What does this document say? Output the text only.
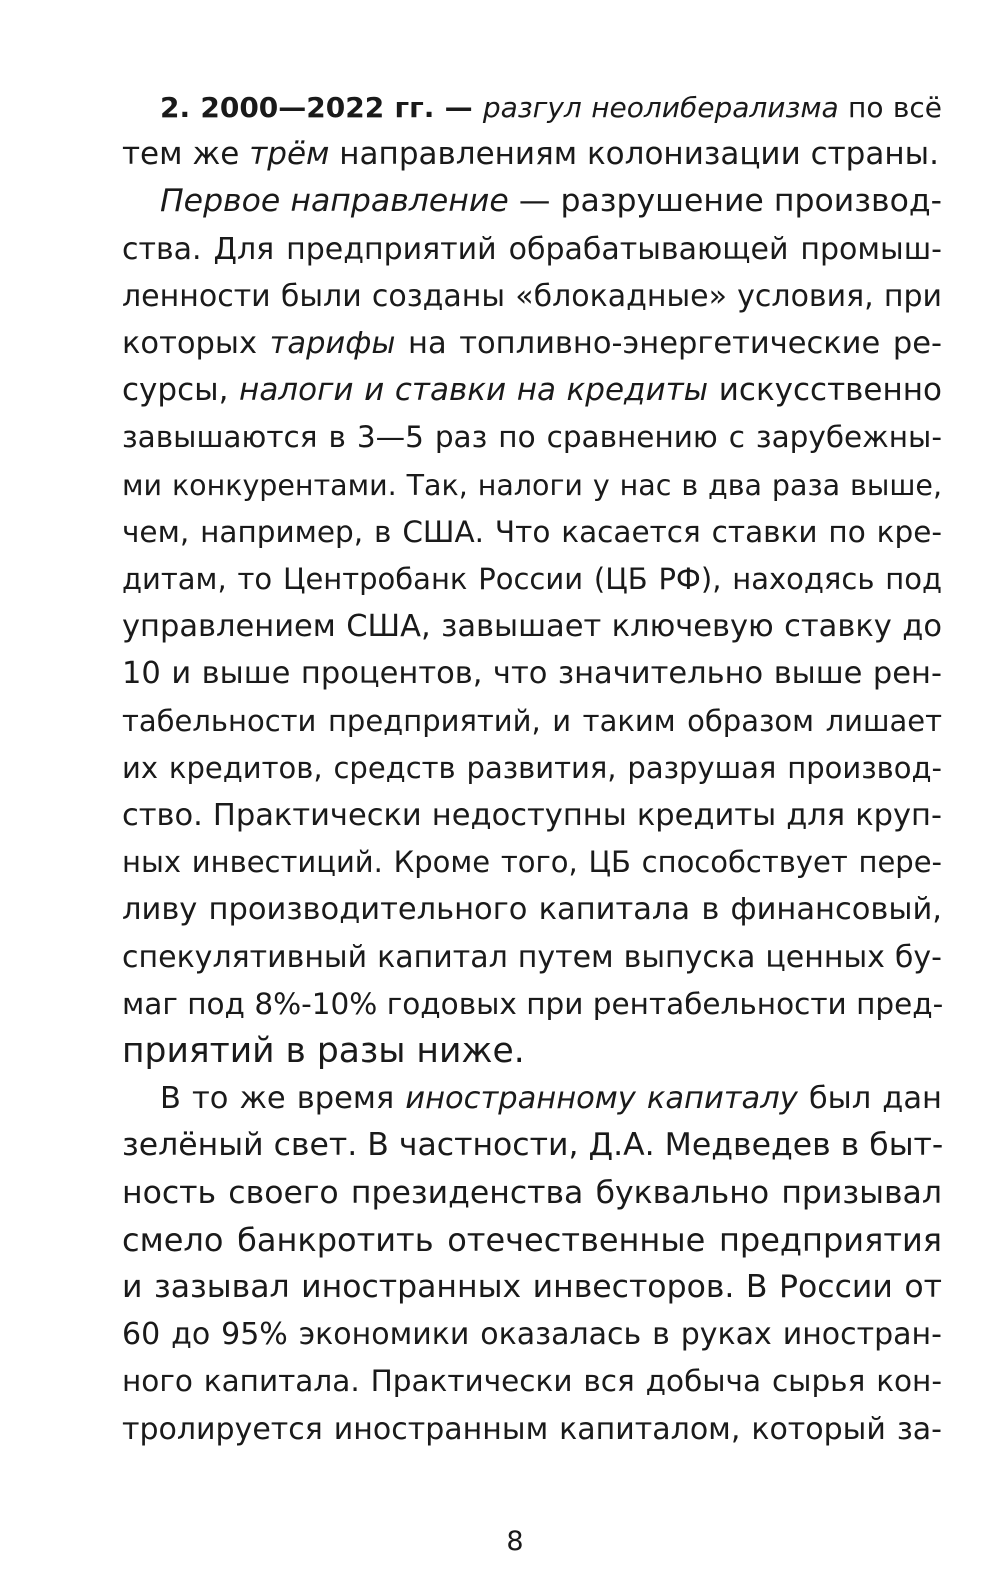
2. 2000—2022 гг. — разгул неолиберализма по всё
тем же трём направлениям колонизации страны.

Первое направление — разрушение производ-
ства. Для предприятий обрабатывающей промыш-
ленности были созданы «блокадные» условия, при
которых тарифы на топливно-энергетические ре-
сурсы, налоги и ставки на кредиты искусственно
завышаются в 3—5 раз по сравнению с зарубежны-
ми конкурентами. Так, налоги у нас в два раза выше,
чем, например, в США. Что касается ставки по кре-
дитам, то Центробанк России (ЦБ РФ), находясь под
управлением США, завышает ключевую ставку до
10 и выше процентов, что значительно выше рен-
табельности предприятий, и таким образом лишает
их кредитов, средств развития, разрушая производ-
ство. Практически недоступны кредиты для круп-
ных инвестиций. Кроме того, ЦБ способствует пере-
ливу производительного капитала в финансовый,
спекулятивный капитал путем выпуска ценных бу-
маг под 8%-10% годовых при рентабельности пред-
приятий в разы ниже.

В то же время иностранному капиталу был дан
зелёный свет. В частности, Д.А. Медведев в быт-
ность своего президенства буквально призывал
смело банкротить отечественные предприятия
и зазывал иностранных инвесторов. В России от
60 до 95% экономики оказалась в руках иностран-
ного капитала. Практически вся добыча сырья кон-
тролируется иностранным капиталом, который за-

8
